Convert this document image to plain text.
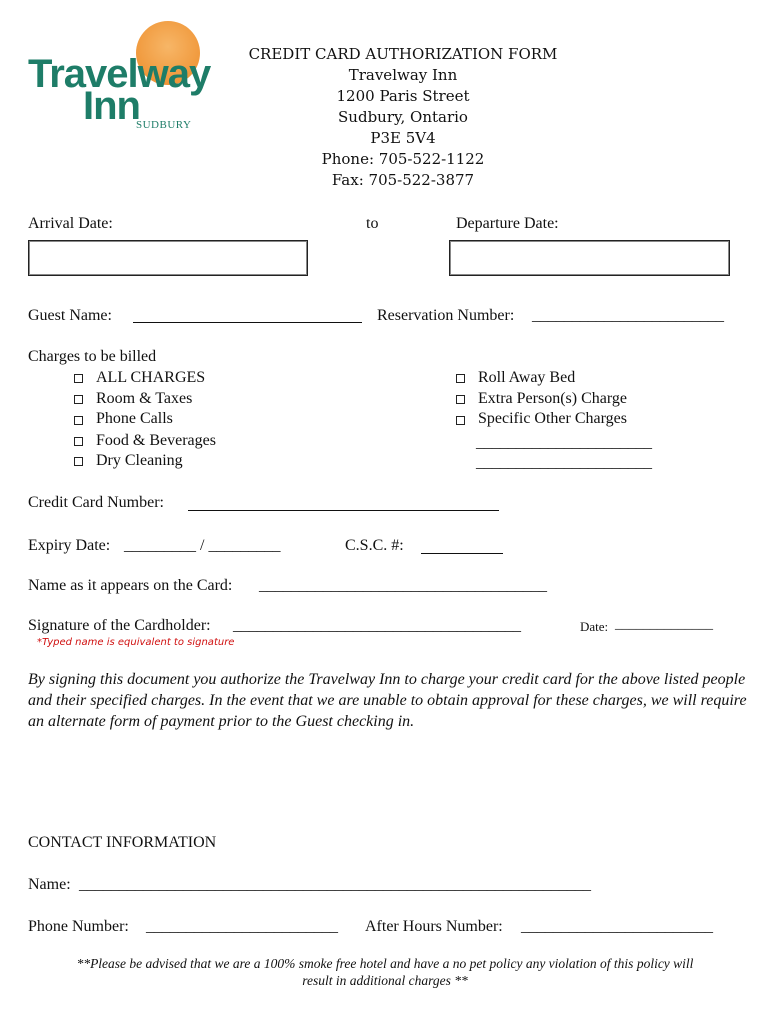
Travelway
Inn
SUDBURY
CREDIT CARD AUTHORIZATION FORM
Travelway Inn
1200 Paris Street
Sudbury, Ontario
P3E 5V4
Phone: 705-522-1122
Fax: 705-522-3877
Arrival Date:	to	Departure Date:
Guest Name:	Reservation Number: ________________________
Charges to be billed
ALL CHARGES
Room & Taxes
Phone Calls
Food & Beverages
Dry Cleaning
Roll Away Bed
Extra Person(s) Charge
Specific Other Charges
______________________
______________________
Credit Card Number:
Expiry Date: _________ / _________	C.S.C. #:
Name as it appears on the Card: ____________________________________
Signature of the Cardholder: ____________________________________	Date: ______________
*Typed name is equivalent to signature
By signing this document you authorize the Travelway Inn to charge your credit card for the above listed people and their specified charges. In the event that we are unable to obtain approval for these charges, we will require an alternate form of payment prior to the Guest checking in.
CONTACT INFORMATION
Name: ________________________________________________________________
Phone Number: ________________________ After Hours Number: ________________________
**Please be advised that we are a 100% smoke free hotel and have a no pet policy any violation of this policy will
result in additional charges **
